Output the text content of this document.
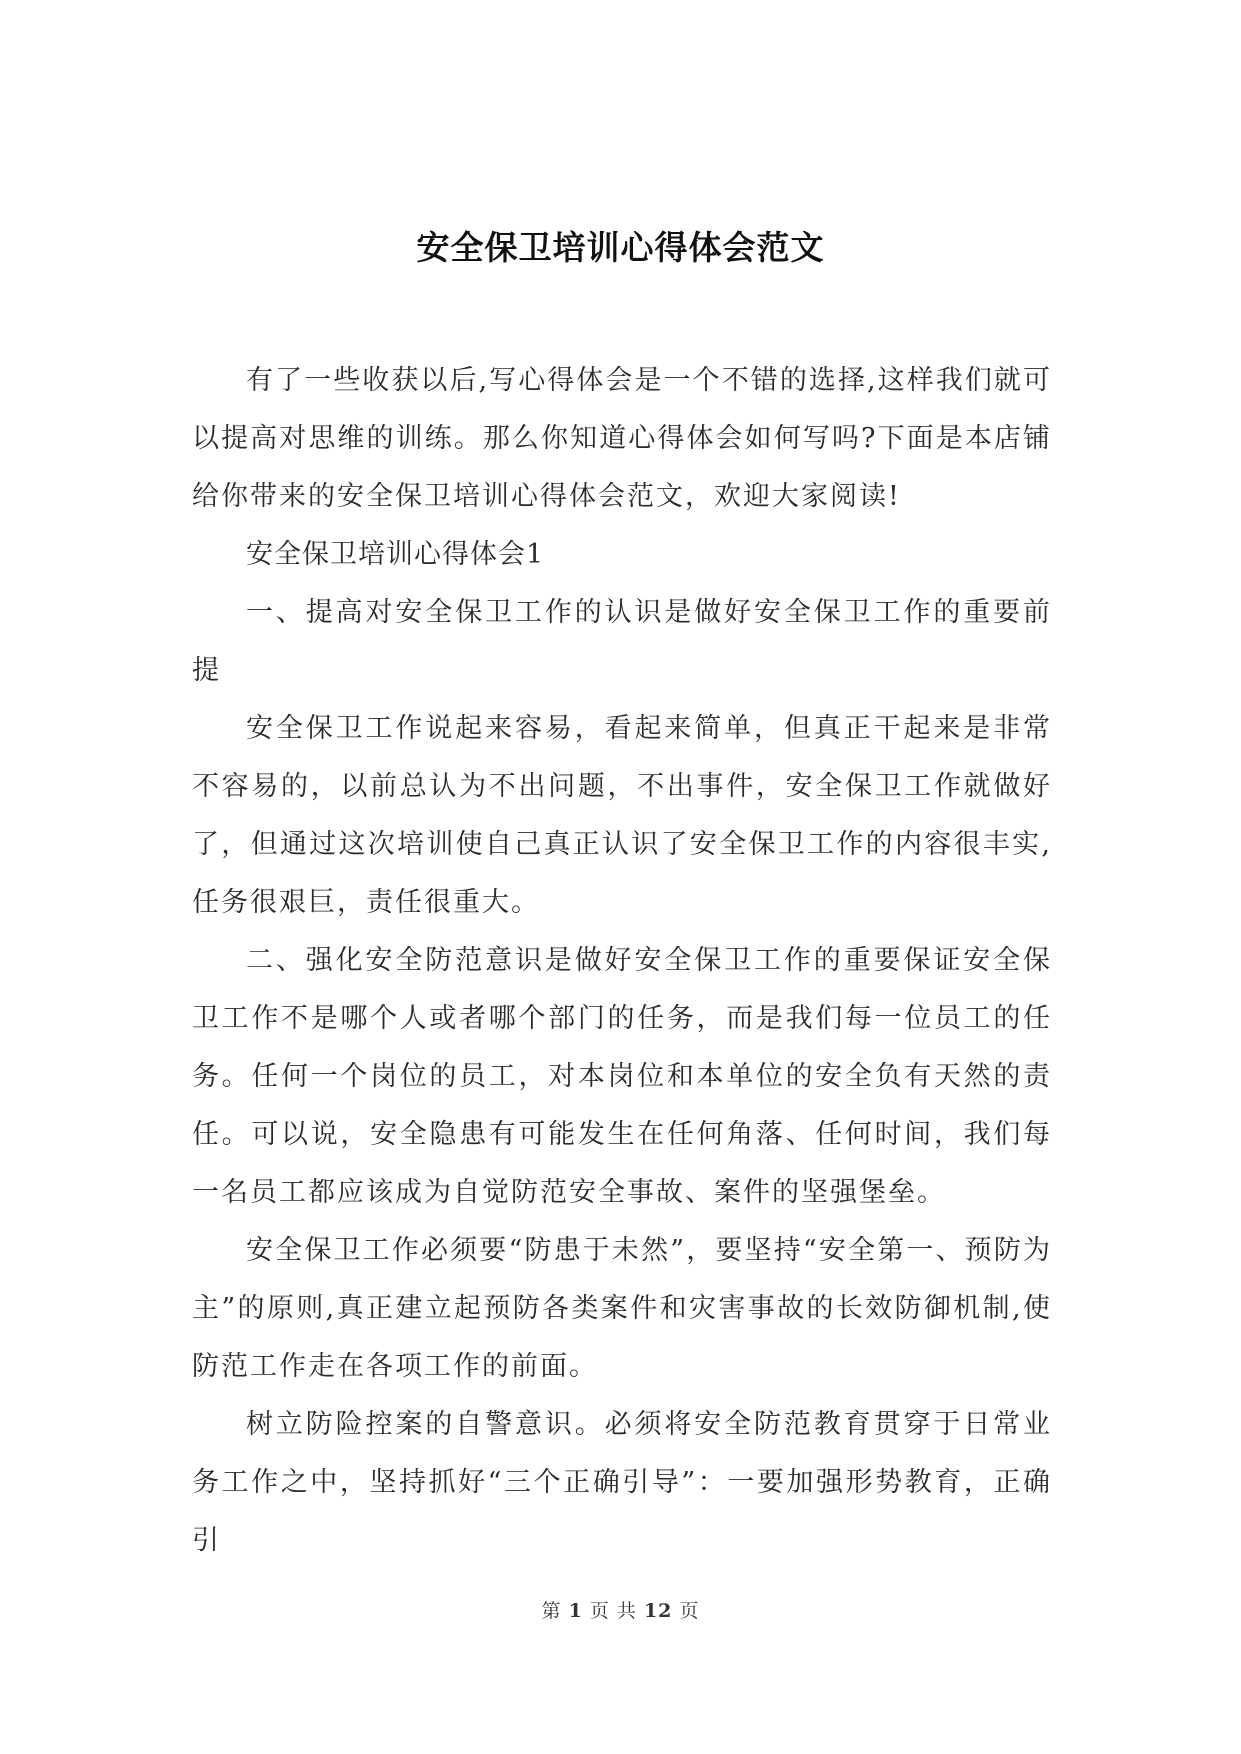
安全保卫培训心得体会范文

有了一些收获以后,写心得体会是一个不错的选择,这样我们就可以提高对思维的训练。那么你知道心得体会如何写吗?下面是本店铺给你带来的安全保卫培训心得体会范文，欢迎大家阅读!

安全保卫培训心得体会1

一、提高对安全保卫工作的认识是做好安全保卫工作的重要前提

安全保卫工作说起来容易，看起来简单，但真正干起来是非常不容易的，以前总认为不出问题，不出事件，安全保卫工作就做好了，但通过这次培训使自己真正认识了安全保卫工作的内容很丰实,任务很艰巨，责任很重大。

二、强化安全防范意识是做好安全保卫工作的重要保证安全保卫工作不是哪个人或者哪个部门的任务，而是我们每一位员工的任务。任何一个岗位的员工，对本岗位和本单位的安全负有天然的责任。可以说，安全隐患有可能发生在任何角落、任何时间，我们每一名员工都应该成为自觉防范安全事故、案件的坚强堡垒。

安全保卫工作必须要“防患于未然”，要坚持“安全第一、预防为主”的原则,真正建立起预防各类案件和灾害事故的长效防御机制,使防范工作走在各项工作的前面。

树立防险控案的自警意识。必须将安全防范教育贯穿于日常业务工作之中，坚持抓好“三个正确引导”：一要加强形势教育，正确引

第 1 页 共 12 页
